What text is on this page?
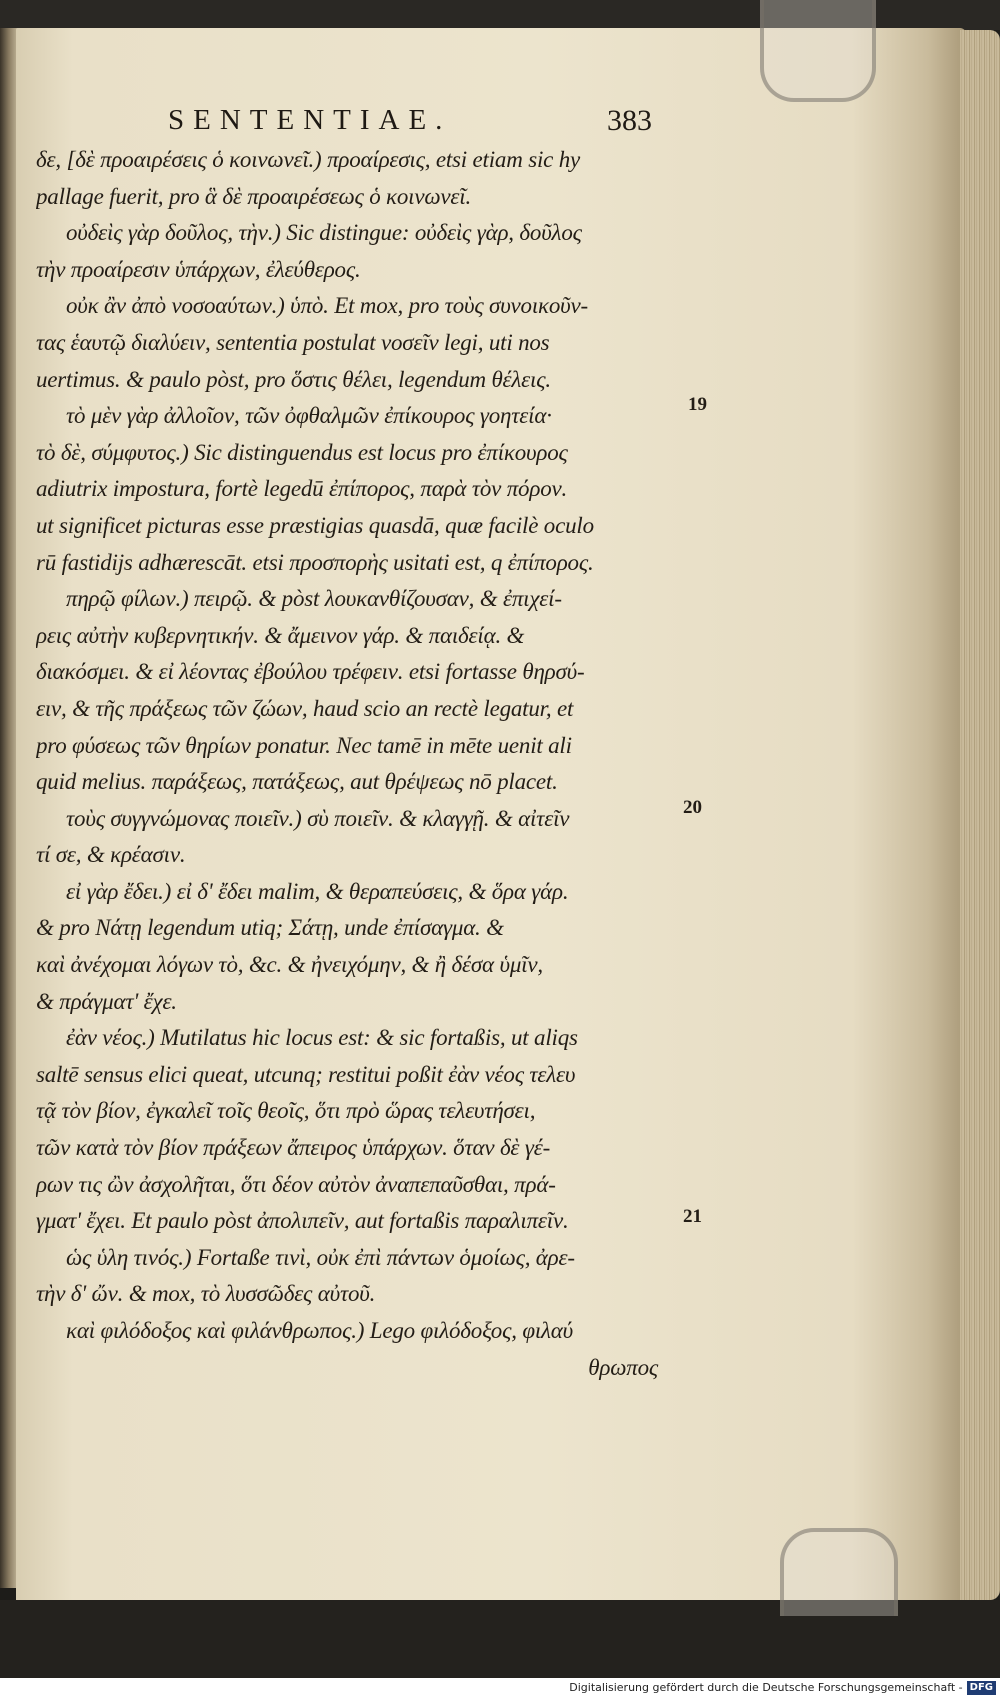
SENTENTIAE.	383
δε, [δὲ προαιρέσεις ὁ κοινωνεῖ.) προαίρεσις, etsi etiam sic hy
pallage fuerit, pro ἃ δὲ προαιρέσεως ὁ κοινωνεῖ.
οὐδεὶς γὰρ δοῦλος, τὴν.) Sic distingue: οὐδεὶς γὰρ, δοῦλος
τὴν προαίρεσιν ὑπάρχων, ἐλεύθερος.
οὐκ ἂν ἀπὸ νοσοαύτων.) ὑπὸ. Et mox, pro τοὺς συνοικοῦν-
τας ἑαυτῷ διαλύειν, sententia postulat νοσεῖν legi, uti nos
uertimus. & paulo pòst, pro ὅστις θέλει, legendum θέλεις.
τὸ μὲν γὰρ ἀλλοῖον, τῶν ὀφθαλμῶν ἐπίκουρος γοητεία·
τὸ δὲ, σύμφυτος.) Sic distinguendus est locus pro ἐπίκουρος
adiutrix impostura, fortè legedū ἐπίπορος, παρὰ τὸν πόρον.
ut significet picturas esse præstigias quasdā, quæ facilè oculo
rū fastidijs adhærescāt. etsi προσπορὴς usitati est, q ἐπίπορος.
πηρῷ φίλων.) πειρῷ. & pòst λουκανθίζουσαν, & ἐπιχεί-
ρεις αὐτὴν κυβερνητικήν. & ἄμεινον γάρ. & παιδείᾳ. &
διακόσμει. & εἰ λέοντας ἐβούλου τρέφειν. etsi fortasse θηρσύ-
ειν, & τῆς πράξεως τῶν ζώων, haud scio an rectè legatur, et
pro φύσεως τῶν θηρίων ponatur. Nec tamē in mēte uenit ali
quid melius. παράξεως, πατάξεως, aut θρέψεως nō placet.
τοὺς συγγνώμονας ποιεῖν.) σὺ ποιεῖν. & κλαγγῇ. & αἰτεῖν
τί σε, & κρέασιν.
εἰ γὰρ ἔδει.) εἰ δ' ἔδει malim, & θεραπεύσεις, & ὅρα γάρ.
& pro Νάτῃ legendum utiq; Σάτῃ, unde ἐπίσαγμα. &
καὶ ἀνέχομαι λόγων τὸ, &c. & ἠνειχόμην, & ἢ δέσα ὑμῖν,
& πράγματ' ἔχε.
ἐὰν νέος.) Mutilatus hic locus est: & sic fortaßis, ut aliqs
saltē sensus elici queat, utcunq; restitui poßit ἐὰν νέος τελευ
τᾷ τὸν βίον, ἐγκαλεῖ τοῖς θεοῖς, ὅτι πρὸ ὥρας τελευτήσει,
τῶν κατὰ τὸν βίον πράξεων ἄπειρος ὑπάρχων. ὅταν δὲ γέ-
ρων τις ὢν ἀσχολῆται, ὅτι δέον αὐτὸν ἀναπεπαῦσθαι, πρά-
γματ' ἔχει. Et paulo pòst ἀπολιπεῖν, aut fortaßis παραλιπεῖν.
ὡς ὑλη τινός.) Fortaße τινὶ, οὐκ ἐπὶ πάντων ὁμοίως, ἀρε-
τὴν δ' ὤν. & mox, τὸ λυσσῶδες αὐτοῦ.
καὶ φιλόδοξος καὶ φιλάνθρωπος.) Lego φιλόδοξος, φιλαύ
θρωπος
19
20
21
Digitalisierung gefördert durch die Deutsche Forschungsgemeinschaft - DFG
